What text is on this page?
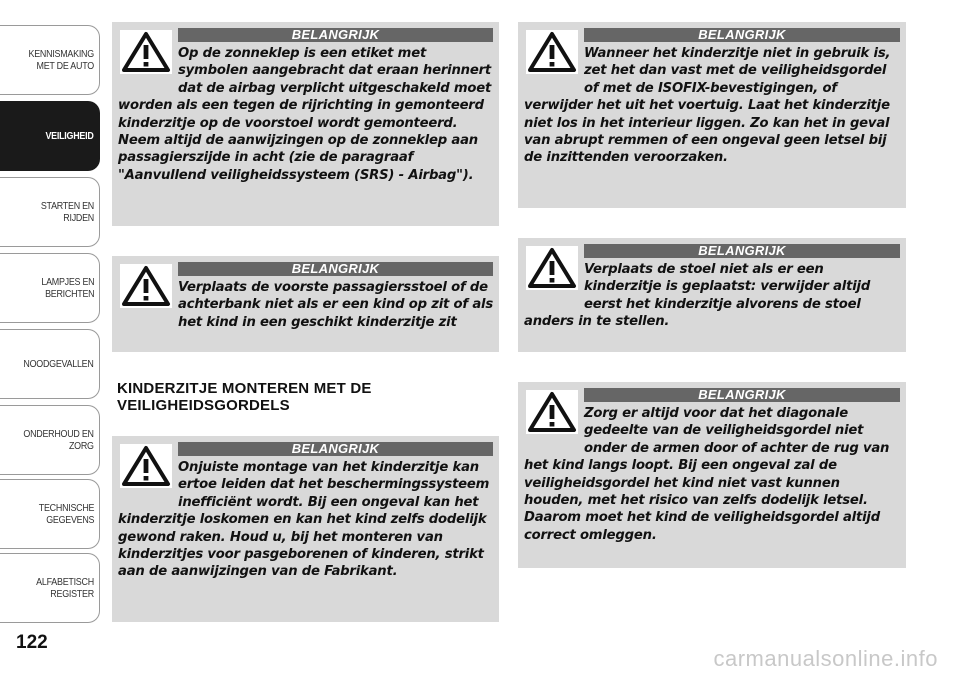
KENNISMAKING
MET DE AUTO
VEILIGHEID
STARTEN EN RIJDEN
LAMPJES EN
BERICHTEN
NOODGEVALLEN
ONDERHOUD EN
ZORG
TECHNISCHE
GEGEVENS
ALFABETISCH
REGISTER
122
BELANGRIJK
Op de zonneklep is een etiket met symbolen aangebracht dat eraan herinnert dat de airbag verplicht uitgeschakeld moet worden als een tegen de rijrichting in gemonteerd kinderzitje op de voorstoel wordt gemonteerd. Neem altijd de aanwijzingen op de zonneklep aan passagierszijde in acht (zie de paragraaf "Aanvullend veiligheidssysteem (SRS) - Airbag").
BELANGRIJK
Verplaats de voorste passagiersstoel of de achterbank niet als er een kind op zit of als het kind in een geschikt kinderzitje zit
KINDERZITJE MONTEREN MET DE VEILIGHEIDSGORDELS
BELANGRIJK
Onjuiste montage van het kinderzitje kan ertoe leiden dat het beschermingssysteem inefficiënt wordt. Bij een ongeval kan het kinderzitje loskomen en kan het kind zelfs dodelijk gewond raken. Houd u, bij het monteren van kinderzitjes voor pasgeborenen of kinderen, strikt aan de aanwijzingen van de Fabrikant.
BELANGRIJK
Wanneer het kinderzitje niet in gebruik is, zet het dan vast met de veiligheidsgordel of met de ISOFIX-bevestigingen, of verwijder het uit het voertuig. Laat het kinderzitje niet los in het interieur liggen. Zo kan het in geval van abrupt remmen of een ongeval geen letsel bij de inzittenden veroorzaken.
BELANGRIJK
Verplaats de stoel niet als er een kinderzitje is geplaatst: verwijder altijd eerst het kinderzitje alvorens de stoel anders in te stellen.
BELANGRIJK
Zorg er altijd voor dat het diagonale gedeelte van de veiligheidsgordel niet onder de armen door of achter de rug van het kind langs loopt. Bij een ongeval zal de veiligheidsgordel het kind niet vast kunnen houden, met het risico van zelfs dodelijk letsel. Daarom moet het kind de veiligheidsgordel altijd correct omleggen.
carmanualsonline.info
